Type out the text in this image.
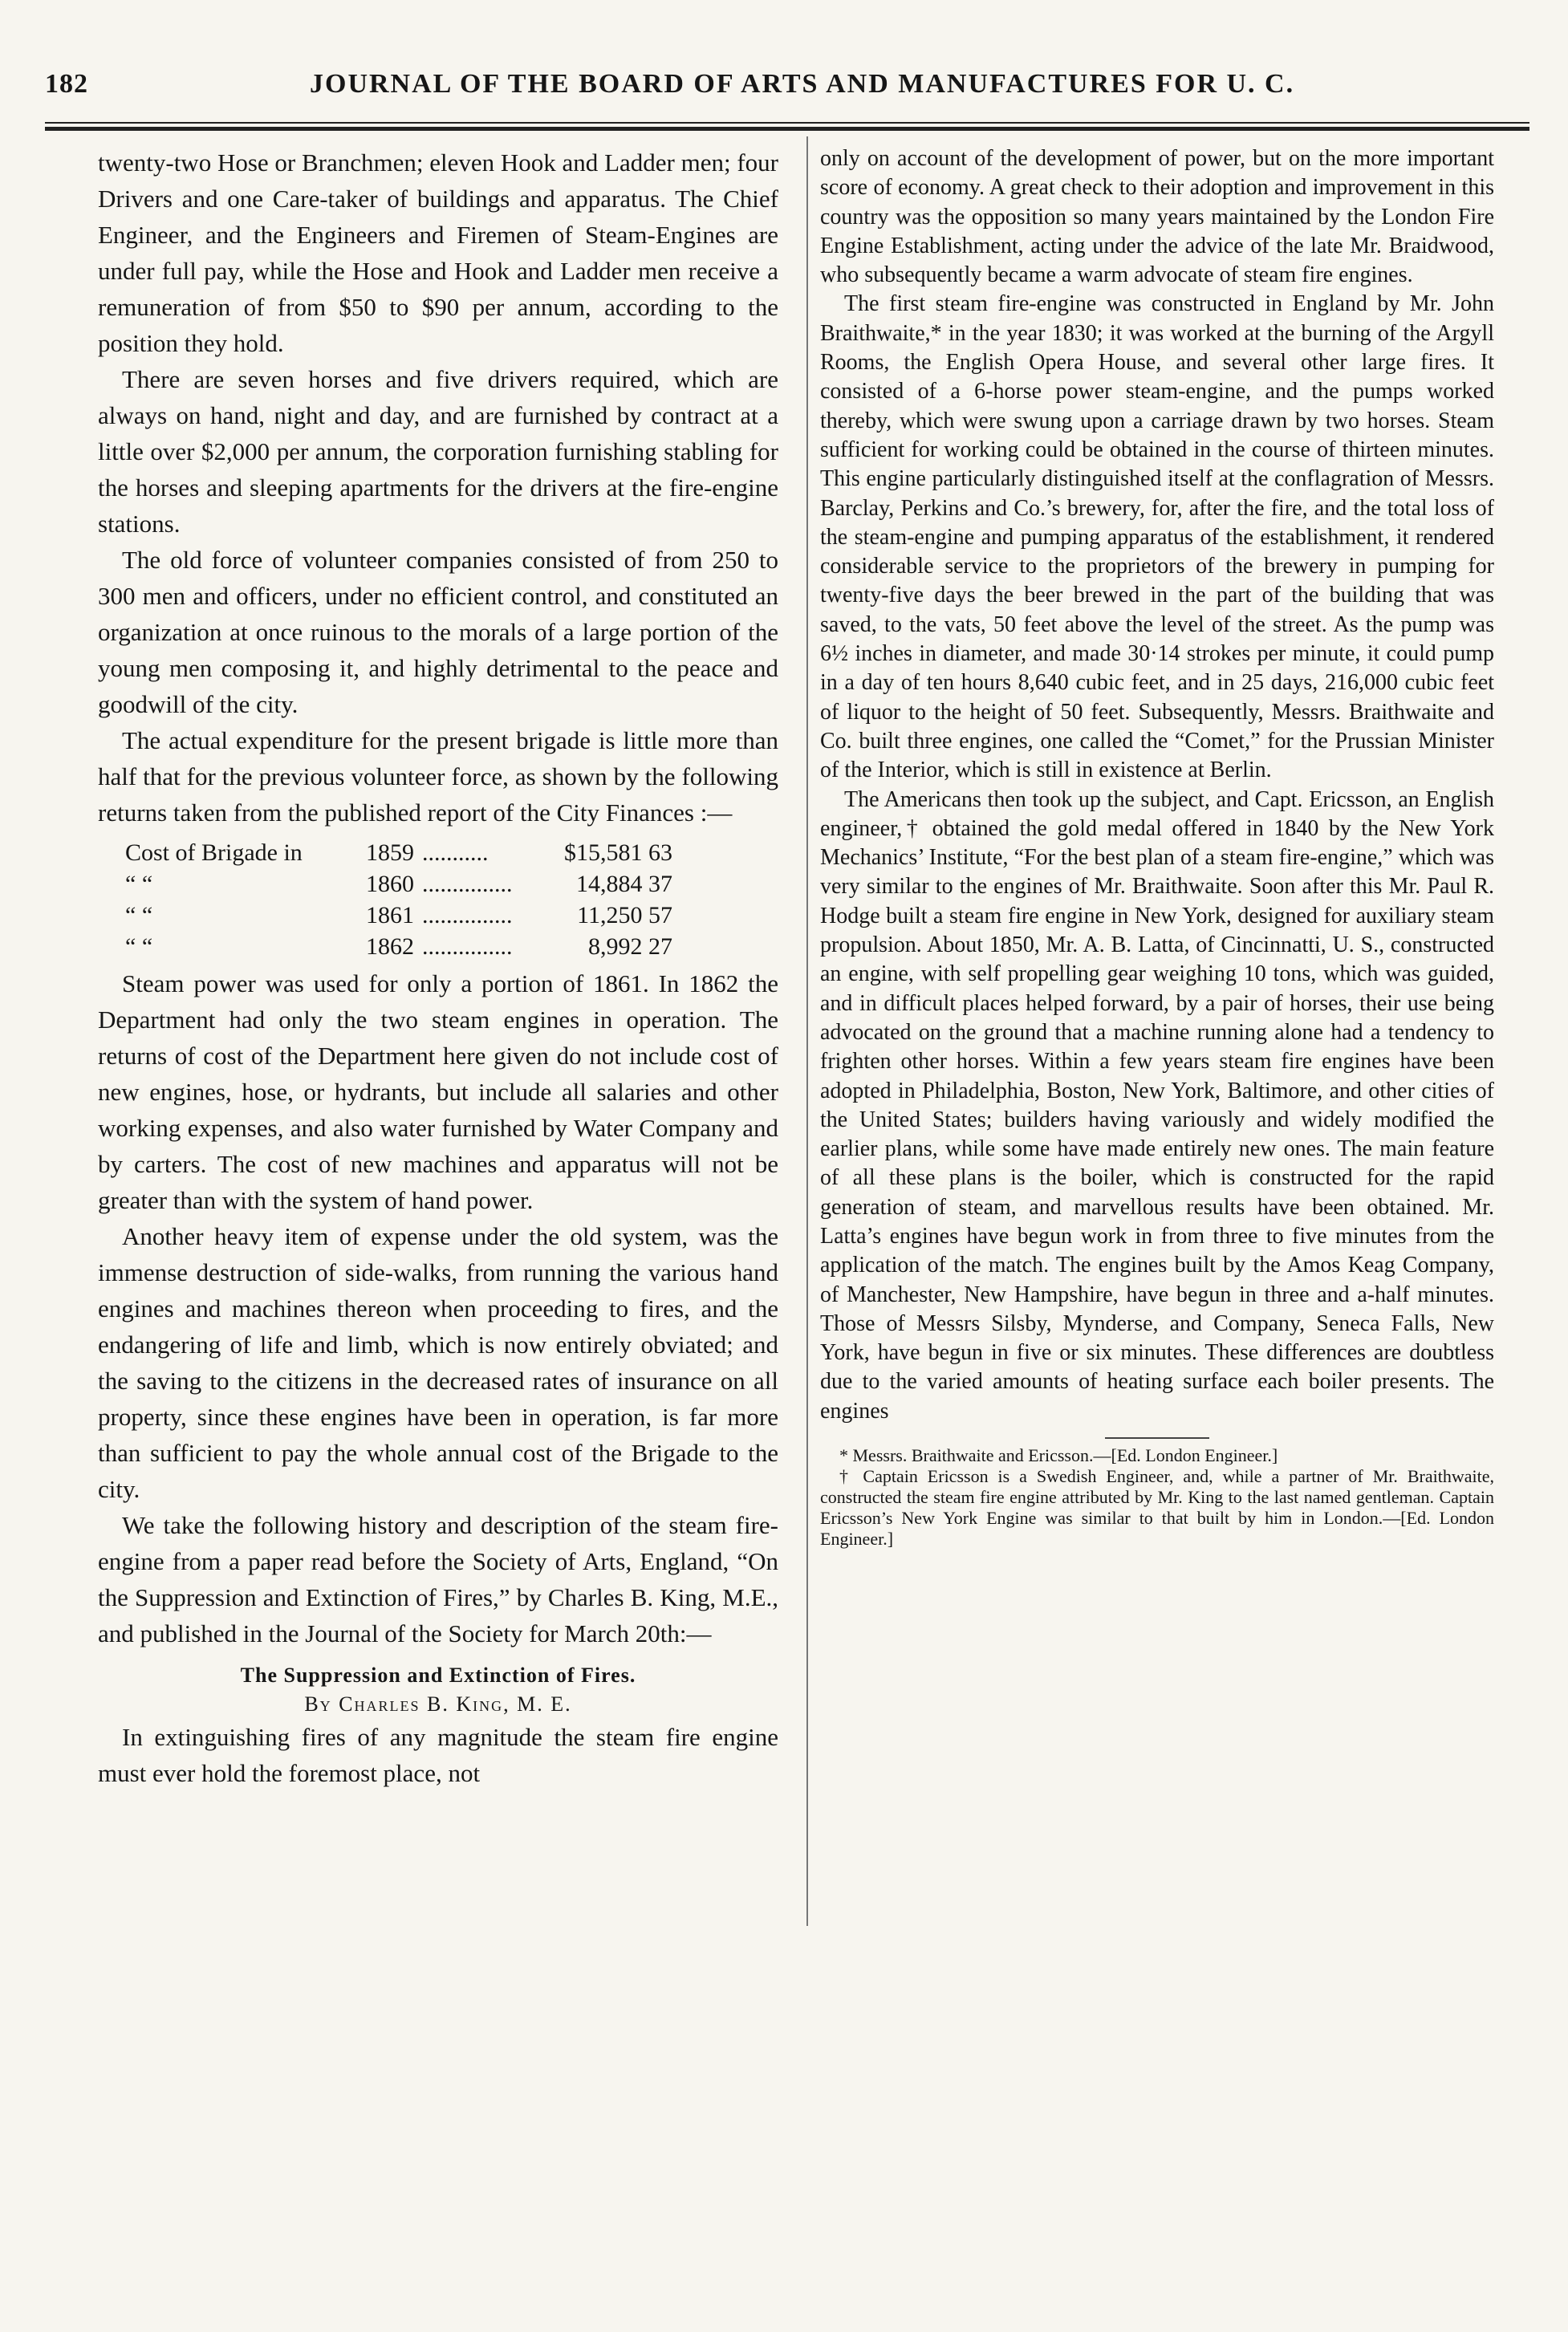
182	JOURNAL OF THE BOARD OF ARTS AND MANUFACTURES FOR U. C.

twenty-two Hose or Branchmen; eleven Hook and Ladder men; four Drivers and one Care-taker of buildings and apparatus. The Chief Engineer, and the Engineers and Firemen of Steam-Engines are under full pay, while the Hose and Hook and Ladder men receive a remuneration of from $50 to $90 per annum, according to the position they hold.

There are seven horses and five drivers required, which are always on hand, night and day, and are furnished by contract at a little over $2,000 per annum, the corporation furnishing stabling for the horses and sleeping apartments for the drivers at the fire-engine stations.

The old force of volunteer companies consisted of from 250 to 300 men and officers, under no efficient control, and constituted an organization at once ruinous to the morals of a large portion of the young men composing it, and highly detrimental to the peace and goodwill of the city.

The actual expenditure for the present brigade is little more than half that for the previous volunteer force, as shown by the following returns taken from the published report of the City Finances :—

Cost of Brigade in	1859 ...........	$15,581 63
“ “	1860 ...............	14,884 37
“ “	1861 ...............	11,250 57
“ “	1862 ...............	8,992 27

Steam power was used for only a portion of 1861. In 1862 the Department had only the two steam engines in operation. The returns of cost of the Department here given do not include cost of new engines, hose, or hydrants, but include all salaries and other working expenses, and also water furnished by Water Company and by carters. The cost of new machines and apparatus will not be greater than with the system of hand power.

Another heavy item of expense under the old system, was the immense destruction of side-walks, from running the various hand engines and machines thereon when proceeding to fires, and the endangering of life and limb, which is now entirely obviated; and the saving to the citizens in the decreased rates of insurance on all property, since these engines have been in operation, is far more than sufficient to pay the whole annual cost of the Brigade to the city.

We take the following history and description of the steam fire-engine from a paper read before the Society of Arts, England, “On the Suppression and Extinction of Fires,” by Charles B. King, M.E., and published in the Journal of the Society for March 20th:—

The Suppression and Extinction of Fires.
By Charles B. King, M. E.

In extinguishing fires of any magnitude the steam fire engine must ever hold the foremost place, not

only on account of the development of power, but on the more important score of economy. A great check to their adoption and improvement in this country was the opposition so many years maintained by the London Fire Engine Establishment, acting under the advice of the late Mr. Braidwood, who subsequently became a warm advocate of steam fire engines.

The first steam fire-engine was constructed in England by Mr. John Braithwaite,* in the year 1830; it was worked at the burning of the Argyll Rooms, the English Opera House, and several other large fires. It consisted of a 6-horse power steam-engine, and the pumps worked thereby, which were swung upon a carriage drawn by two horses. Steam sufficient for working could be obtained in the course of thirteen minutes. This engine particularly distinguished itself at the conflagration of Messrs. Barclay, Perkins and Co.’s brewery, for, after the fire, and the total loss of the steam-engine and pumping apparatus of the establishment, it rendered considerable service to the proprietors of the brewery in pumping for twenty-five days the beer brewed in the part of the building that was saved, to the vats, 50 feet above the level of the street. As the pump was 6½ inches in diameter, and made 30·14 strokes per minute, it could pump in a day of ten hours 8,640 cubic feet, and in 25 days, 216,000 cubic feet of liquor to the height of 50 feet. Subsequently, Messrs. Braithwaite and Co. built three engines, one called the “Comet,” for the Prussian Minister of the Interior, which is still in existence at Berlin.

The Americans then took up the subject, and Capt. Ericsson, an English engineer,† obtained the gold medal offered in 1840 by the New York Mechanics’ Institute, “For the best plan of a steam fire-engine,” which was very similar to the engines of Mr. Braithwaite. Soon after this Mr. Paul R. Hodge built a steam fire engine in New York, designed for auxiliary steam propulsion. About 1850, Mr. A. B. Latta, of Cincinnatti, U. S., constructed an engine, with self propelling gear weighing 10 tons, which was guided, and in difficult places helped forward, by a pair of horses, their use being advocated on the ground that a machine running alone had a tendency to frighten other horses. Within a few years steam fire engines have been adopted in Philadelphia, Boston, New York, Baltimore, and other cities of the United States; builders having variously and widely modified the earlier plans, while some have made entirely new ones. The main feature of all these plans is the boiler, which is constructed for the rapid generation of steam, and marvellous results have been obtained. Mr. Latta’s engines have begun work in from three to five minutes from the application of the match. The engines built by the Amos Keag Company, of Manchester, New Hampshire, have begun in three and a-half minutes. Those of Messrs Silsby, Mynderse, and Company, Seneca Falls, New York, have begun in five or six minutes. These differences are doubtless due to the varied amounts of heating surface each boiler presents. The engines

* Messrs. Braithwaite and Ericsson.—[Ed. London Engineer.]

† Captain Ericsson is a Swedish Engineer, and, while a partner of Mr. Braithwaite, constructed the steam fire engine attributed by Mr. King to the last named gentleman. Captain Ericsson’s New York Engine was similar to that built by him in London.—[Ed. London Engineer.]
